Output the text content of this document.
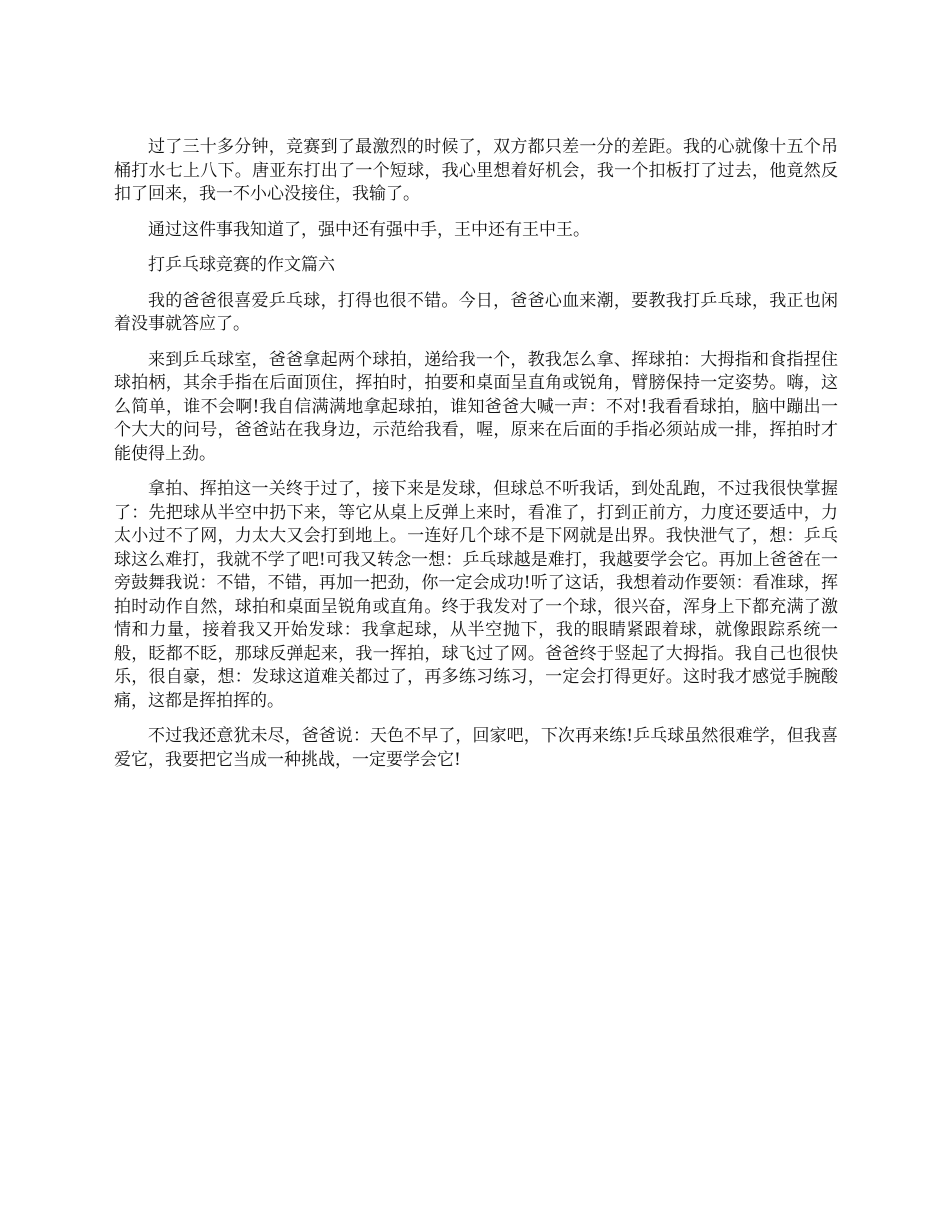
过了三十多分钟，竞赛到了最激烈的时候了，双方都只差一分的差距。我的心就像十五个吊桶打水七上八下。唐亚东打出了一个短球，我心里想着好机会，我一个扣板打了过去，他竟然反扣了回来，我一不小心没接住，我输了。

通过这件事我知道了，强中还有强中手，王中还有王中王。

打乒乓球竞赛的作文篇六

我的爸爸很喜爱乒乓球，打得也很不错。今日，爸爸心血来潮，要教我打乒乓球，我正也闲着没事就答应了。

来到乒乓球室，爸爸拿起两个球拍，递给我一个，教我怎么拿、挥球拍：大拇指和食指捏住球拍柄，其余手指在后面顶住，挥拍时，拍要和桌面呈直角或锐角，臂膀保持一定姿势。嗨，这么简单，谁不会啊!我自信满满地拿起球拍，谁知爸爸大喊一声：不对!我看看球拍，脑中蹦出一个大大的问号，爸爸站在我身边，示范给我看，喔，原来在后面的手指必须站成一排，挥拍时才能使得上劲。

拿拍、挥拍这一关终于过了，接下来是发球，但球总不听我话，到处乱跑，不过我很快掌握了：先把球从半空中扔下来，等它从桌上反弹上来时，看准了，打到正前方，力度还要适中，力太小过不了网，力太大又会打到地上。一连好几个球不是下网就是出界。我快泄气了，想：乒乓球这么难打，我就不学了吧!可我又转念一想：乒乓球越是难打，我越要学会它。再加上爸爸在一旁鼓舞我说：不错，不错，再加一把劲，你一定会成功!听了这话，我想着动作要领：看准球，挥拍时动作自然，球拍和桌面呈锐角或直角。终于我发对了一个球，很兴奋，浑身上下都充满了激情和力量，接着我又开始发球：我拿起球，从半空抛下，我的眼睛紧跟着球，就像跟踪系统一般，眨都不眨，那球反弹起来，我一挥拍，球飞过了网。爸爸终于竖起了大拇指。我自己也很快乐，很自豪，想：发球这道难关都过了，再多练习练习，一定会打得更好。这时我才感觉手腕酸痛，这都是挥拍挥的。

不过我还意犹未尽，爸爸说：天色不早了，回家吧，下次再来练!乒乓球虽然很难学，但我喜爱它，我要把它当成一种挑战，一定要学会它!
